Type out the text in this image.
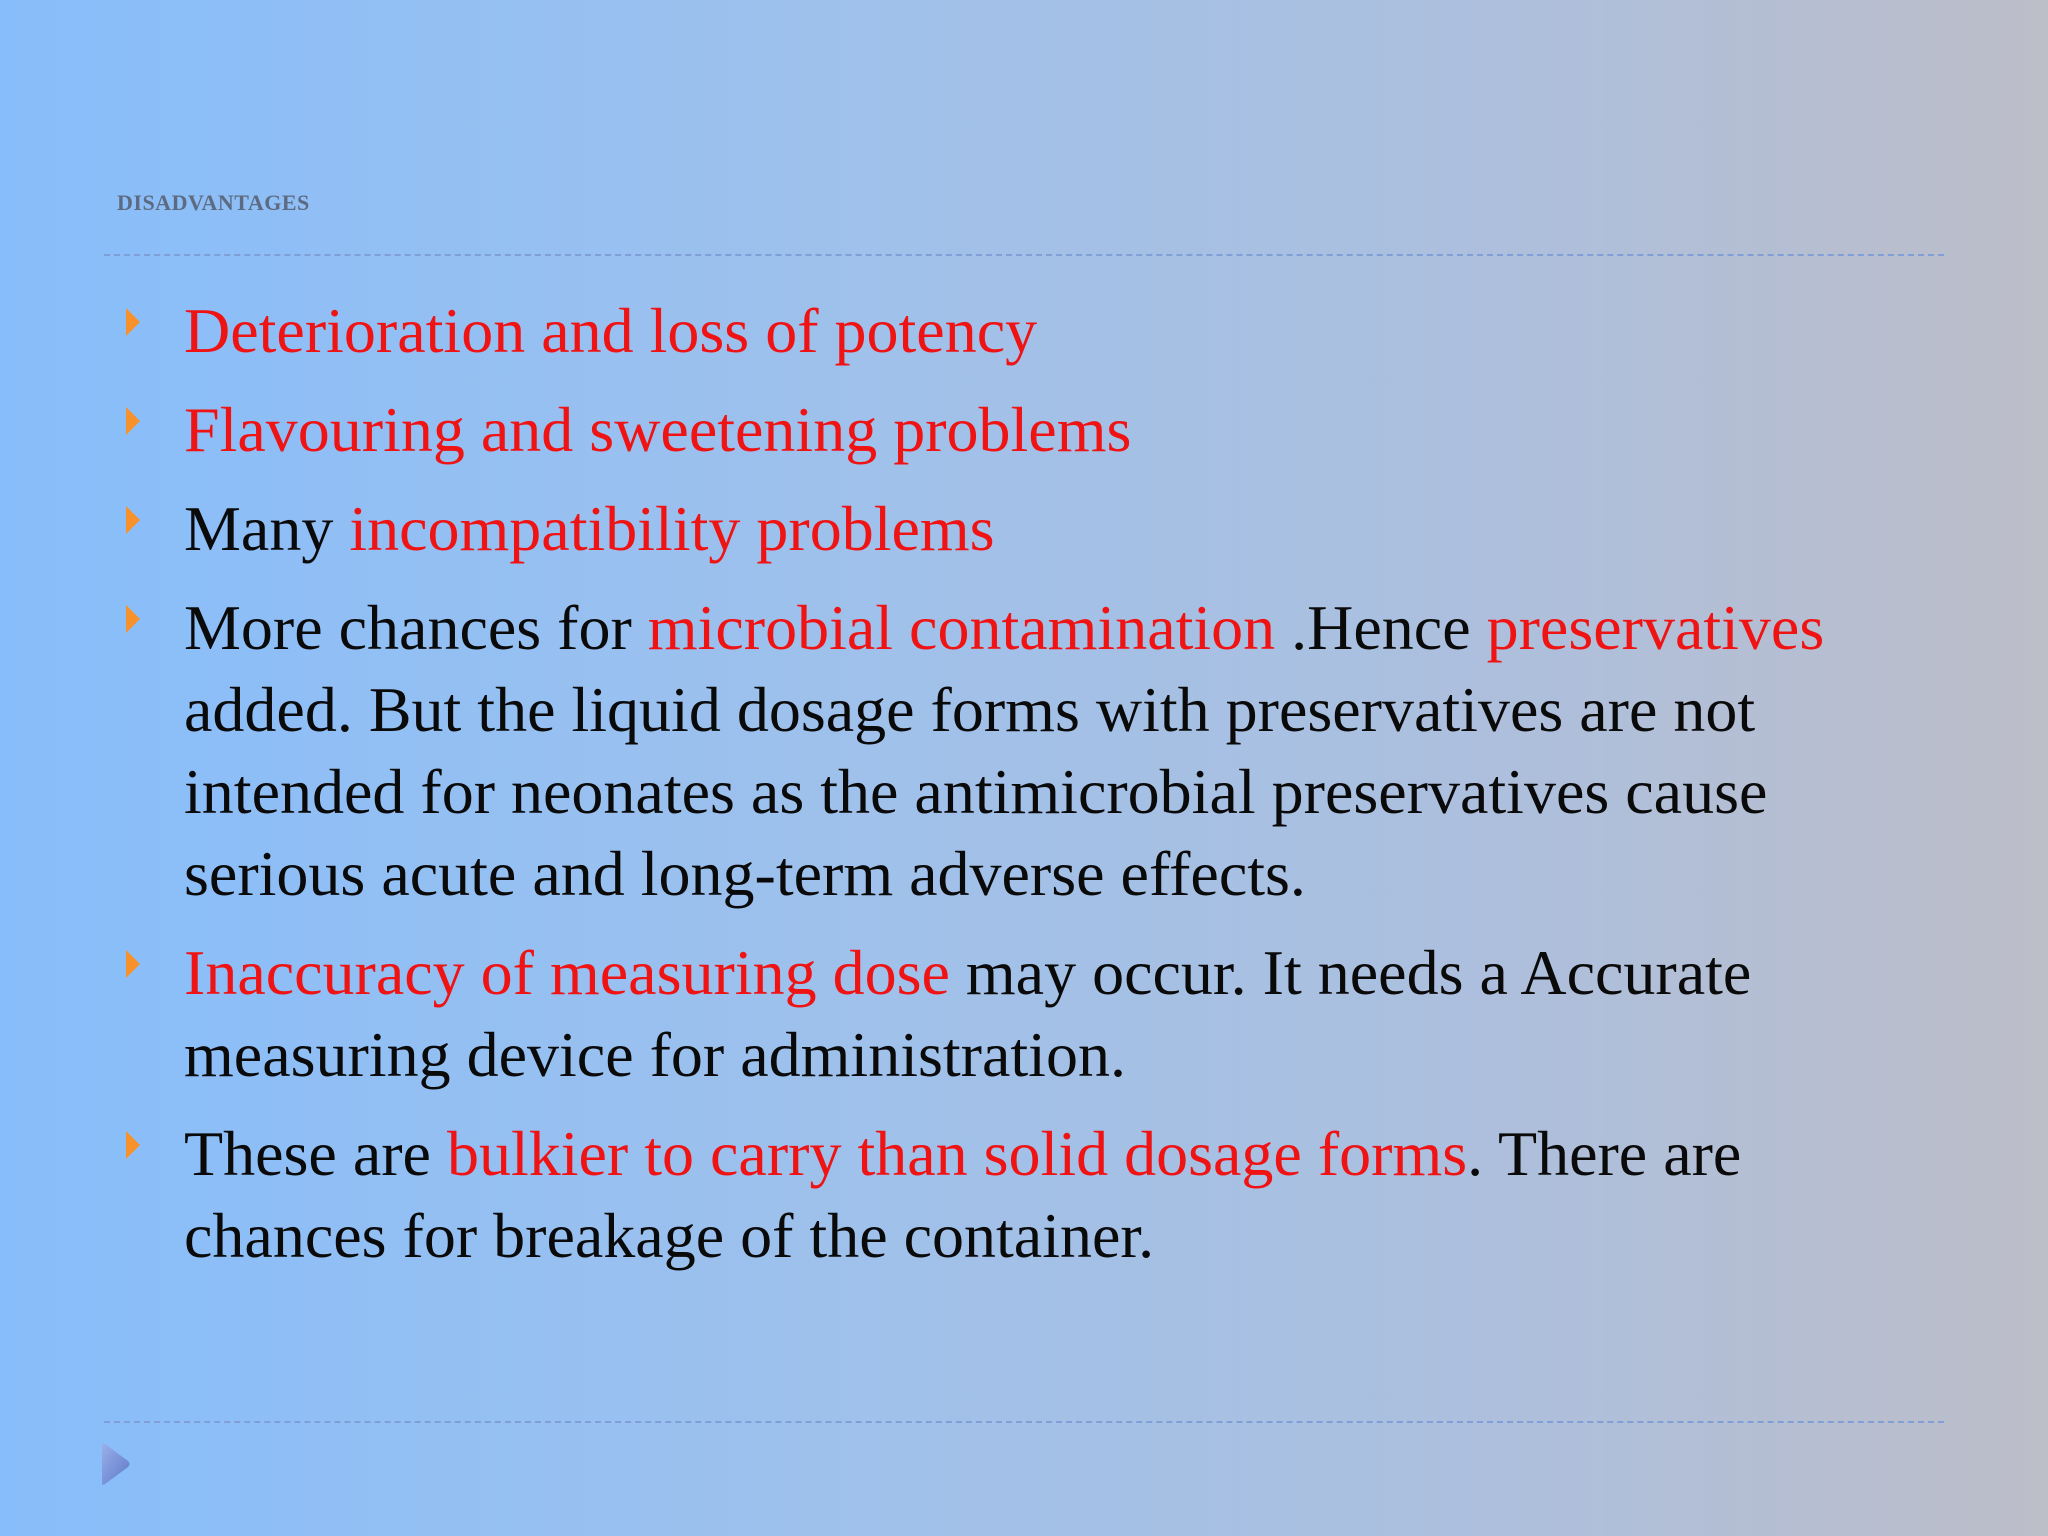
DISADVANTAGES
Deterioration and loss of potency
Flavouring and sweetening problems
Many incompatibility problems
More chances for microbial contamination .Hence preservatives added. But the liquid dosage forms with preservatives are not intended for neonates as the antimicrobial preservatives cause serious acute and long-term adverse effects.
Inaccuracy of measuring dose may occur. It needs a Accurate measuring device for administration.
These are bulkier to carry than solid dosage forms. There are chances for breakage of the container.
